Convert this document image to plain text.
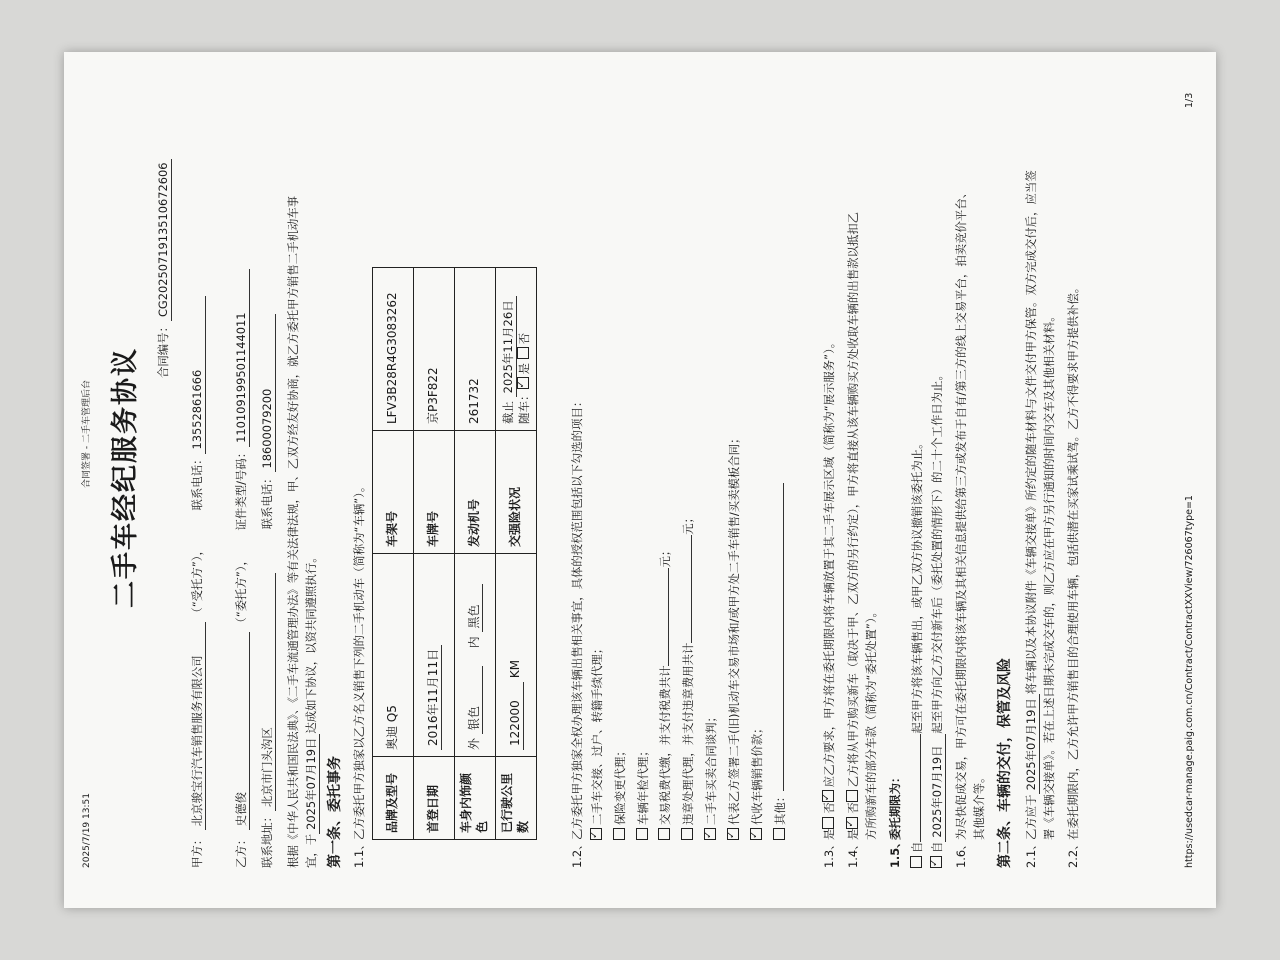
2025/7/19 13:51
合同签署 - 二手车管理后台 二手车经纪服务协议 合同编号：CG202507191351067260​6
甲方： 北京骏宝行汽车销售服务有限公司 （“受托方”）， 联系电话：13552861666
乙方： 史德俊 （“委托方”）， 证件类型/号码：110109199501144011
联系地址：北京市门头沟区 联系电话：18600079200 根据《中华人民共和国民法典》、《二手车流通管理办法》等有关法律法规，甲、乙双方经友好协商，就乙方委托甲方销售二手机动车事 宜，于2025年07月19日达成如下协议，以资共同遵照执行。
第一条、委托事务 1.1、乙方委托甲方独家以乙方名义销售下列的二手机动车（简称为“车辆”）。 品牌及型号	奥迪 Q5	车架号	LFV3B28R4G3083262
首登日期	2016年11月11日	车牌号	京P3F822
车身内饰颜色	外 银色 内 黑色	发动机号	261732
已行驶公里数	122000 KM	交强险状况	截止 2025年11月26日
随车：✓是 否
1.2、乙方委托甲方独家全权办理该车辆出售相关事宜，具体的授权范围包括以下勾选的项目：
✓ 二手车交接、过户、转籍手续代理； 保险变更代理； 车辆年检代理； 交易税费代缴，并支付税费共计元；
违章处理代理，并支付违章费用共计元；
✓二手车买卖合同谈判；
✓ 代表乙方签署二手(旧)机动车交易市场和/或甲方处二手车销售/买卖模板合同；
✓ 代收车辆销售价款； 其他：
1.3、是否✓应乙方要求，甲方将在委托期限内将车辆放置于其二手车展示区域（简称为“展示服务”）。
1.4、是✓否乙方将从甲方购买新车（取决于甲、乙双方的另行约定），甲方将直接从该车辆购买方处收取车辆的出售款以抵扣乙 方所购新车的部分车款（简称为“委托处置”）。
1.5、委托期限为：
自起至甲方将该车辆售出，或甲乙双方协议撤销该委托为止。
✓自2025年07月19日起至甲方向乙方交付新车后（委托处置的情形下）的二十个工作日为止。
1.6、为尽快促成交易，甲方可在委托期限内将该车辆及其相关信息提供给第三方或发布于自有/第三方的线上交易平台，拍卖竞价平台、 其他媒介等。 第二条、车辆的交付，保管及风险 2.1、乙方应于2025年07月19日将车辆以及本协议附件《车辆交接单》所约定的随车材料与文件交付甲方保管。双方完成交付后，应当签 署《车辆交接单》。若在上述日期未完成交车的，则乙方应在甲方另行通知的时间内交车及其他相关材料。
2.2、在委托期限内，乙方允许甲方销售目的合理使用车辆，包括供潜在买家试乘试驾。乙方不得要求甲方提供补偿。	https://usedcar-manage.paig.com.cn/Contract/ContractXXView/726067type=1
1/3
